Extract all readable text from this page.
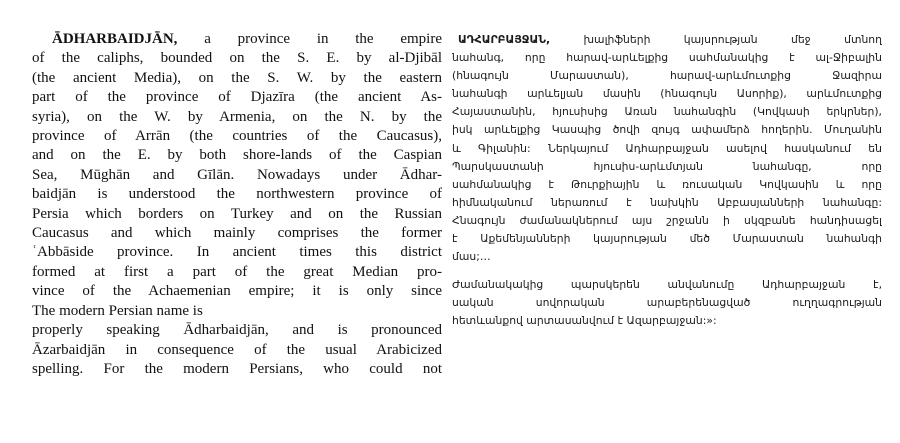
ĀDHARBAIDJĀN, a province in the empire
of the caliphs, bounded on the S. E. by al-Djibāl
(the ancient Media), on the S. W. by the eastern
part of the province of Djazīra (the ancient As-
syria), on the W. by Armenia, on the N. by the
province of Arrān (the countries of the Caucasus),
and on the E. by both shore-lands of the Caspian
Sea, Mūghān and Gīlān. Nowadays under Ādhar-
baidjān is understood the northwestern province of
Persia which borders on Turkey and on the Russian
Caucasus and which mainly comprises the former
ʿAbbāside province. In ancient times this district
formed at first a part of the great Median pro-
vince of the Achaemenian empire; it is only since
The modern Persian name is
properly speaking Ādharbaidjān, and is pronounced
Āzarbaidjān in consequence of the usual Arabicized
spelling. For the modern Persians, who could not
ԱԴՀԱՐԲԱՅՋԱՆ,	խալիֆների կայսրության մեջ մտնող
նահանգ, որը հարավ-արևելքից սահմանակից է ալ-Ջիբալին
(հնագույն Մարաստան), հարավ-արևմուտքից Ջազիրա
նահանգի արևելյան մասին (հնագույն Ասորիք), արևմուտքից
Հայաստանին, հյուսիսից Առան նահանգին (Կովկասի երկրներ),
իսկ արևելքից Կասպից ծովի զույգ ափամերձ հողերին. Մուղանին
և Գիլանին: Ներկայում Ադհարբայջան ասելով հասկանում են
Պարսկաստանի հյուսիս-արևմտյան նահանգը, որը
սահմանակից է Թուրքիային և ռուսական Կովկասին և որը
հիմնականում ներառում է նախկին Աբբասյանների նահանգը:
Հնագույն ժամանակներում այս շրջանն ի սկզբանե հանդիսացել
է Աքեմենյանների կայսրության մեծ Մարաստան նահանգի
մաս;…
Ժամանակակից պարսկերեն անվանումը Ադհարբայջան է,
սական սովորական արաբերենացված ուղղագրության
հետևանքով արտասանվում է Ազարբայջան:»:
